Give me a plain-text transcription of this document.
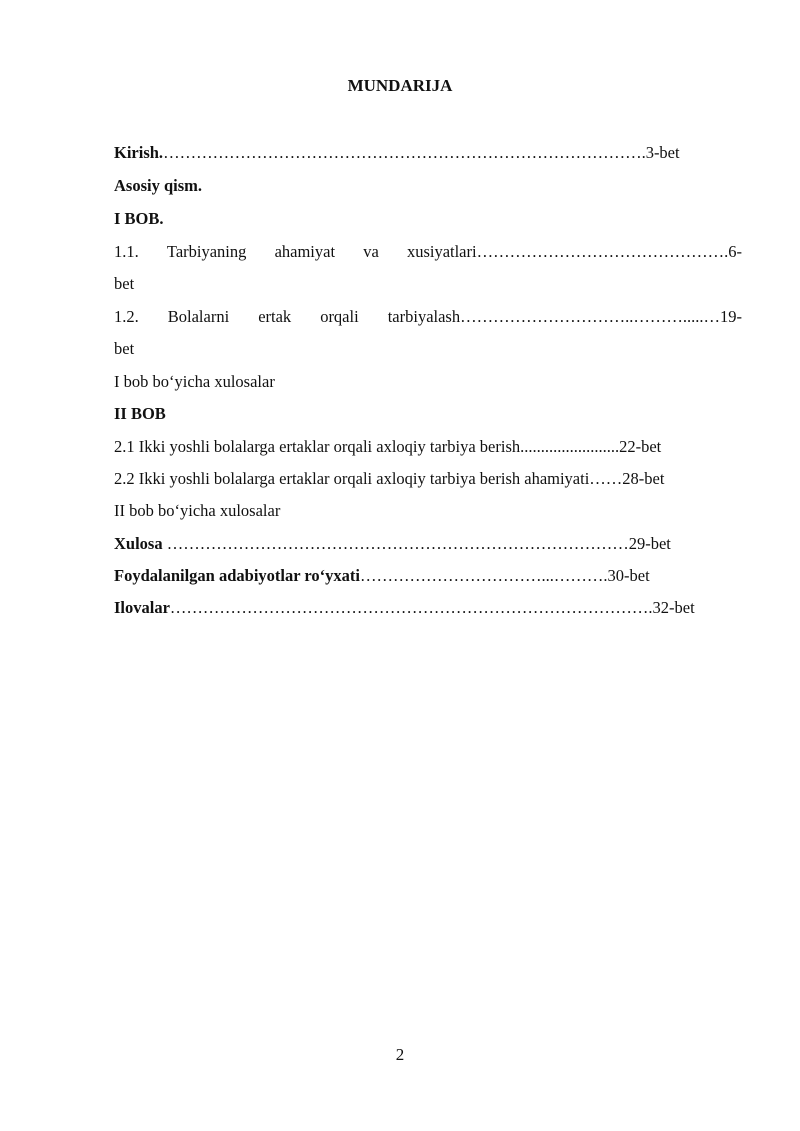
MUNDARIJA
Kirish.…………………………………………………………………………….3-bet
Asosiy qism.
I BOB.
1.1. Tarbiyaning ahamiyat va xusiyatlari……………………………………….6-
bet
1.2. Bolalarni ertak orqali tarbiyalash…………………………..……….....…19-
bet
I bob bo‘yicha xulosalar
II BOB
2.1 Ikki yoshli bolalarga ertaklar orqali axloqiy tarbiya berish........................22-bet
2.2 Ikki yoshli bolalarga ertaklar orqali axloqiy tarbiya berish ahamiyati……28-bet
II bob bo‘yicha xulosalar
Xulosa …………………………………………………………………………29-bet
Foydalanilgan adabiyotlar ro‘yxati……………………………...……….30-bet
Ilovalar…………………………………………………………………………….32-bet
2
